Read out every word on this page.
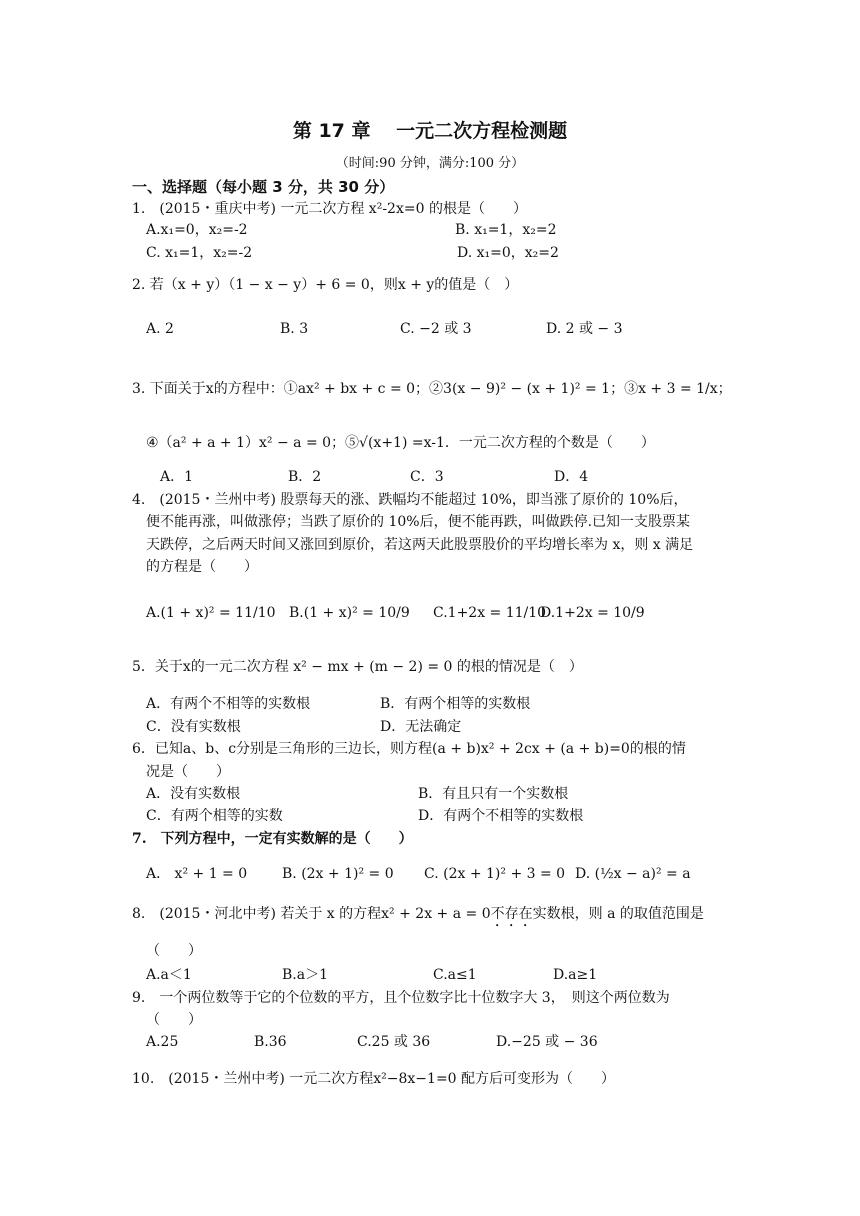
第 17 章　 一元二次方程检测题
（时间:90 分钟，满分:100 分）
一、选择题（每小题 3 分，共 30 分）
1.　(2015・重庆中考) 一元二次方程 x²-2x=0 的根是（　　）
A.x₁=0，x₂=-2	B. x₁=1，x₂=2
C. x₁=1，x₂=-2	D. x₁=0，x₂=2
2. 若（x + y）（1 − x − y）+ 6 = 0，则x + y的值是（　）
A. 2	B. 3	C. −2 或 3	D. 2 或 − 3
3. 下面关于x的方程中：①ax² + bx + c = 0；②3(x − 9)² − (x + 1)² = 1；③x + 3 = 1/x；
④（a² + a + 1）x² − a = 0；⑤√(x+1) =x-1．一元二次方程的个数是（　　）
A．1	B．2	C．3	D．4
4.　(2015・兰州中考) 股票每天的涨、跌幅均不能超过 10%，即当涨了原价的 10%后，
便不能再涨，叫做涨停；当跌了原价的 10%后，便不能再跌，叫做跌停.已知一支股票某
天跌停，之后两天时间又涨回到原价，若这两天此股票股价的平均增长率为 x，则 x 满足
的方程是（　　）
A.(1 + x)² = 11/10 B.(1 + x)² = 10/9 C.1+2x = 11/10
D.1+2x = 10/9
5．关于x的一元二次方程 x² − mx + (m − 2) = 0 的根的情况是（　）
A．有两个不相等的实数根	B．有两个相等的实数根
C．没有实数根	D．无法确定
6．已知a、b、c分别是三角形的三边长，则方程(a + b)x² + 2cx + (a + b)=0的根的情
况是（　　）
A．没有实数根	B．有且只有一个实数根
C．有两个相等的实数	D．有两个不相等的实数根
7.　下列方程中，一定有实数解的是（　　）
A． x² + 1 = 0 B. (2x + 1)² = 0 C. (2x + 1)² + 3 = 0 D. (½x − a)² = a
8.　(2015・河北中考) 若关于 x 的方程x² + 2x + a = 0不存在实数根，则 a 的取值范围是
（　　）
A.a＜1	B.a＞1	C.a≤1	D.a≥1
9.　一个两位数等于它的个位数的平方，且个位数字比十位数字大 3，　则这个两位数为
（　　）
A.25	B.36	C.25 或 36	D.−25 或 − 36
10.　(2015・兰州中考) 一元二次方程x²−8x−1=0 配方后可变形为（　　）
